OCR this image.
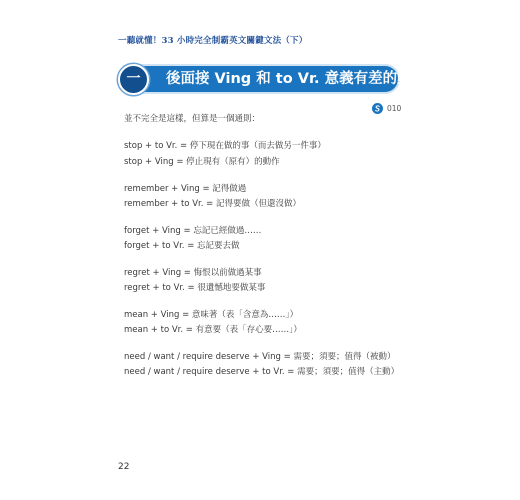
一聽就懂！33 小時完全制霸英文關鍵文法（下）
後面接 Ving 和 to Vr. 意義有差的動詞
一
010
並不完全是這樣，但算是一個通則：
stop + to Vr. = 停下現在做的事（而去做另一件事）
stop + Ving = 停止現有（原有）的動作
remember + Ving = 記得做過
remember + to Vr. = 記得要做（但還沒做）
forget + Ving = 忘記已經做過……
forget + to Vr. = 忘記要去做
regret + Ving = 悔恨以前做過某事
regret + to Vr. = 很遺憾地要做某事
mean + Ving = 意味著（表「含意為……」）
mean + to Vr. = 有意要（表「存心要……」）
need / want / require deserve + Ving = 需要；須要；值得（被動）
need / want / require deserve + to Vr. = 需要；須要；值得（主動）
22
